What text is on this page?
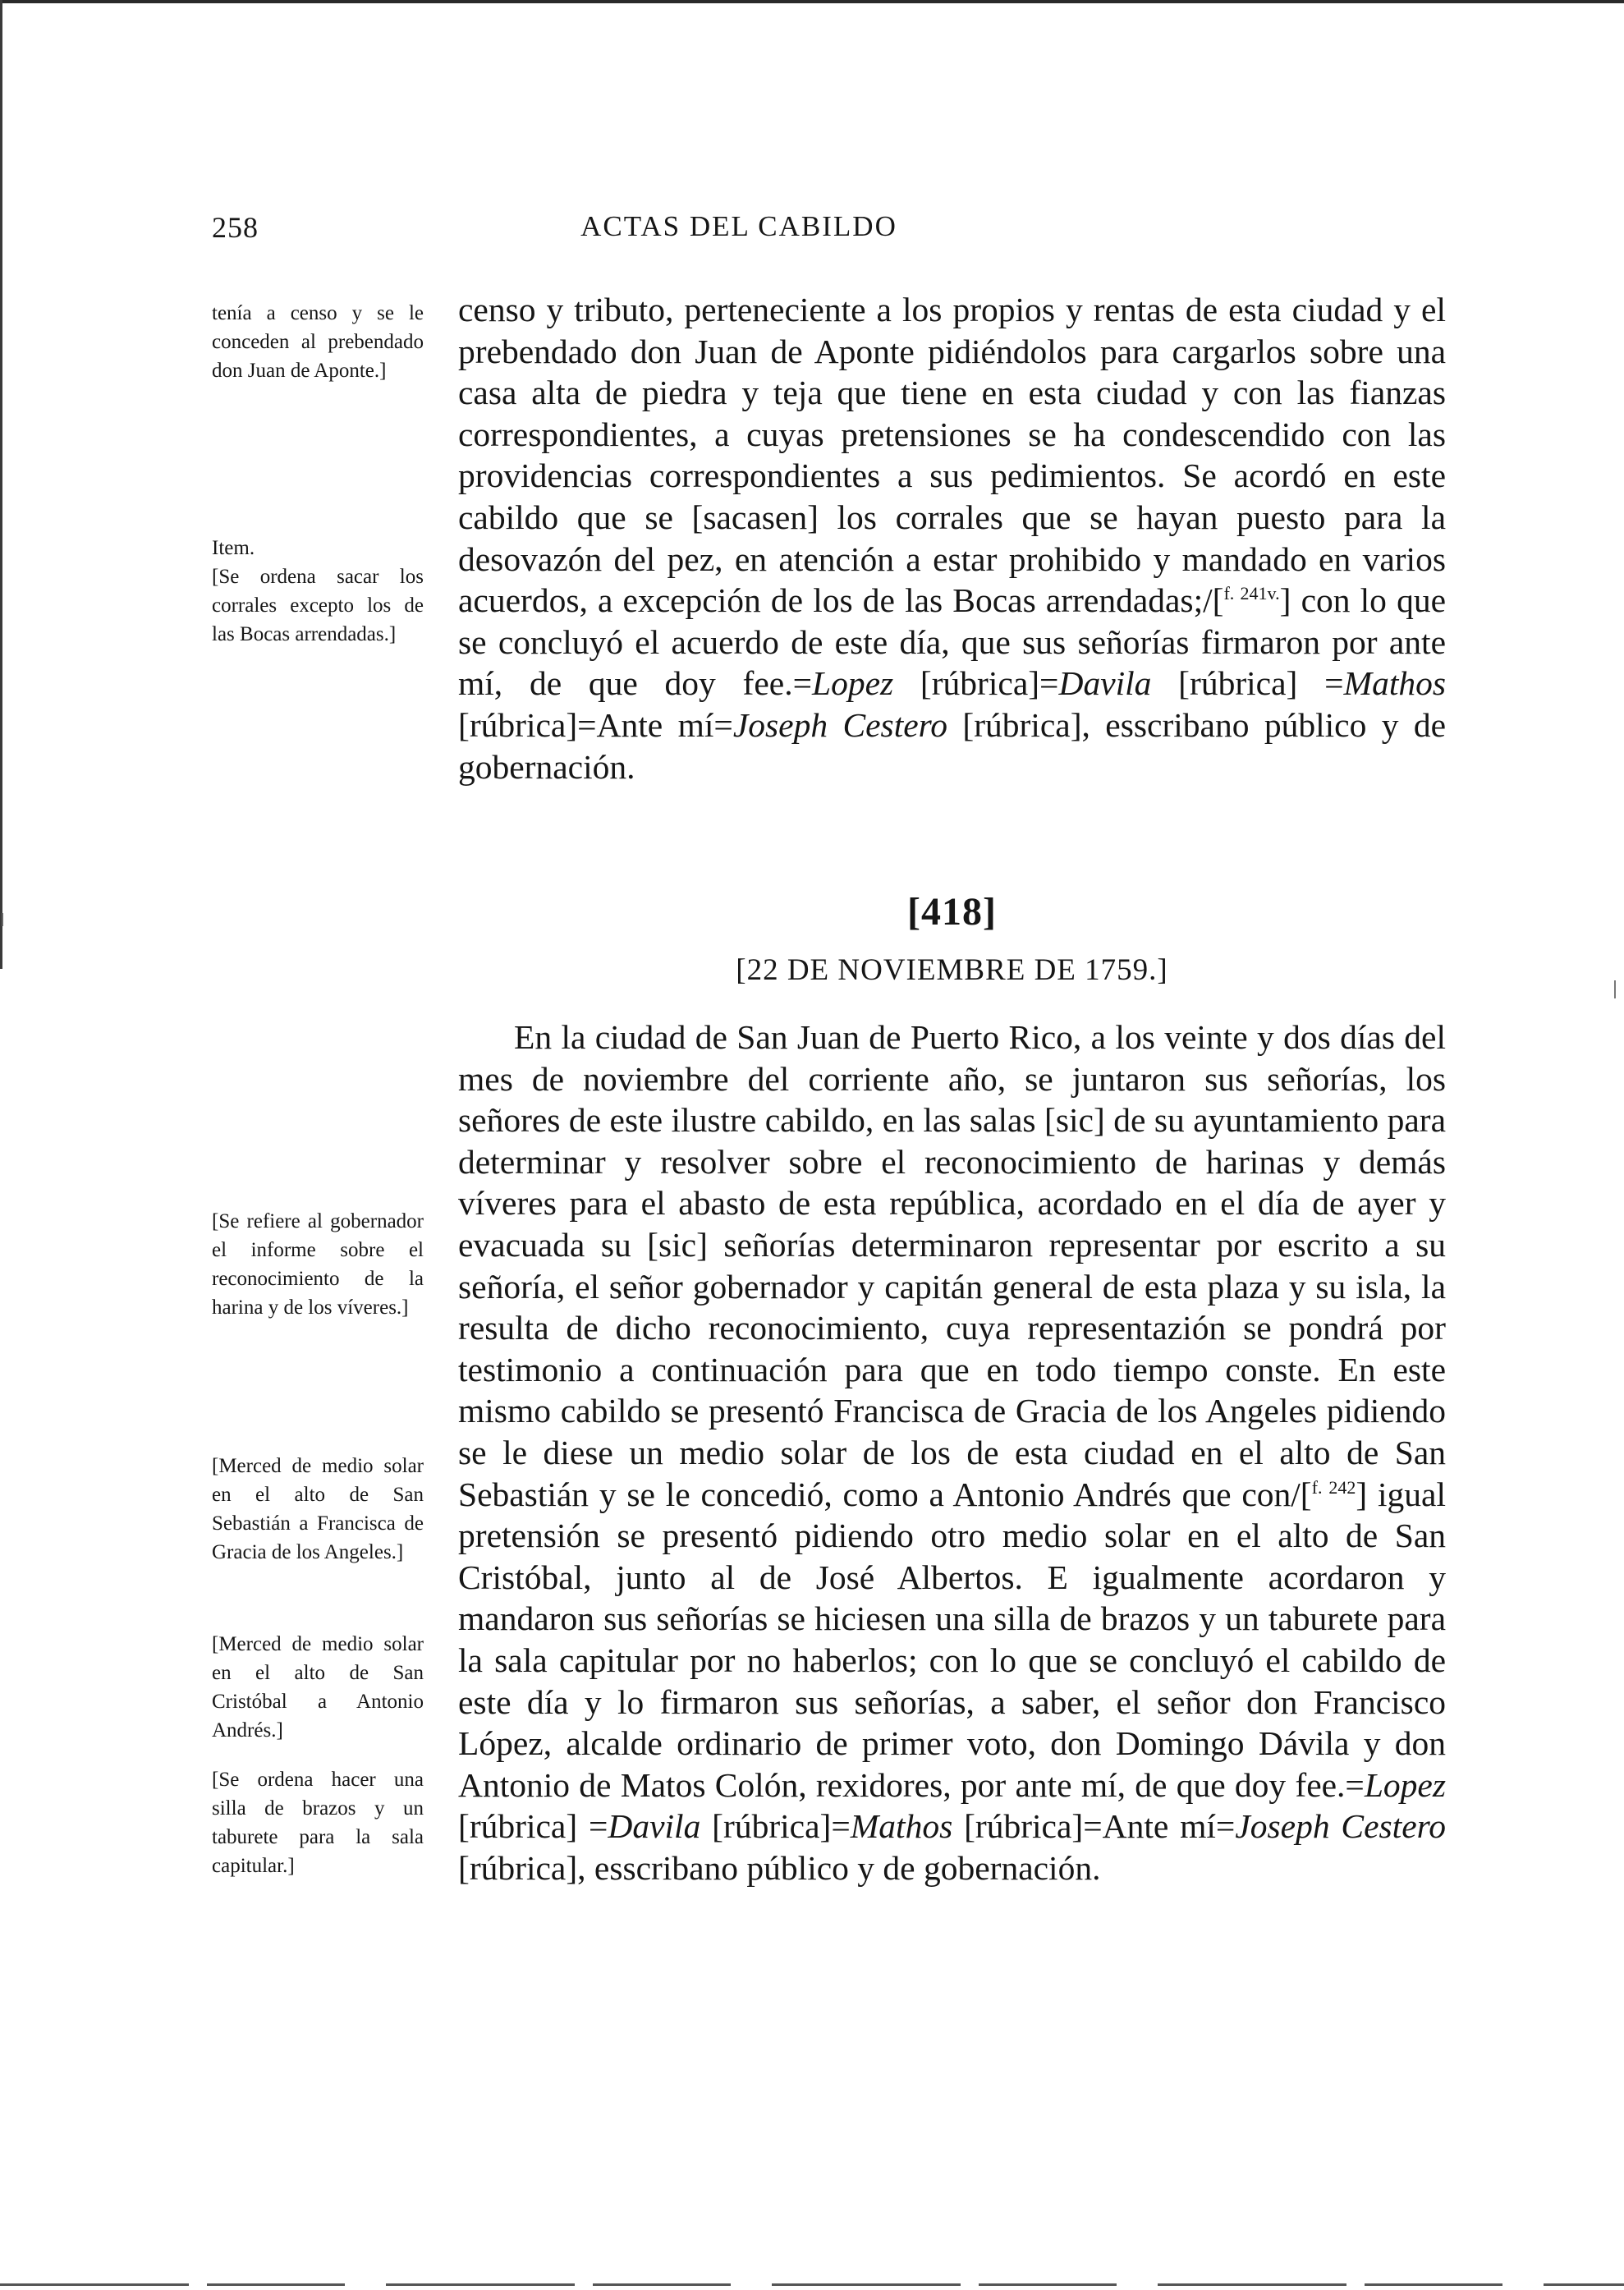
258	ACTAS DEL CABILDO
tenía a censo y se le conceden al prebendado don Juan de Aponte.]
Item.
[Se ordena sacar los corrales excepto los de las Bocas arrendadas.]
[Se refiere al gobernador el informe sobre el reconocimiento de la harina y de los víveres.]
[Merced de medio solar en el alto de San Sebastián a Francisca de Gracia de los Angeles.]
[Merced de medio solar en el alto de San Cristóbal a Antonio Andrés.]
[Se ordena hacer una silla de brazos y un taburete para la sala capitular.]

censo y tributo, perteneciente a los propios y rentas de esta ciudad y el prebendado don Juan de Aponte pidiéndolos para cargarlos sobre una casa alta de piedra y teja que tiene en esta ciudad y con las fianzas correspondientes, a cuyas pretensiones se ha condescendido con las providencias correspondientes a sus pedimientos. Se acordó en este cabildo que se [sacasen] los corrales que se hayan puesto para la desovazón del pez, en atención a estar prohibido y mandado en varios acuerdos, a excepción de los de las Bocas arrendadas;/[$^{f. 241v.}$] con lo que se concluyó el acuerdo de este día, que sus señorías firmaron por ante mí, de que doy fee.=Lopez [rúbrica]=Davila [rúbrica] =Mathos [rúbrica]=Ante mí=Joseph Cestero [rúbrica], esscribano público y de gobernación.

[418]
[22 DE NOVIEMBRE DE 1759.]

En la ciudad de San Juan de Puerto Rico, a los veinte y dos días del mes de noviembre del corriente año, se juntaron sus señorías, los señores de este ilustre cabildo, en las salas [sic] de su ayuntamiento para determinar y resolver sobre el reconocimiento de harinas y demás víveres para el abasto de esta república, acordado en el día de ayer y evacuada su [sic] señorías determinaron representar por escrito a su señoría, el señor gobernador y capitán general de esta plaza y su isla, la resulta de dicho reconocimiento, cuya representazión se pondrá por testimonio a continuación para que en todo tiempo conste. En este mismo cabildo se presentó Francisca de Gracia de los Angeles pidiendo se le diese un medio solar de los de esta ciudad en el alto de San Sebastián y se le concedió, como a Antonio Andrés que con/[$^{f. 242}$] igual pretensión se presentó pidiendo otro medio solar en el alto de San Cristóbal, junto al de José Albertos. E igualmente acordaron y mandaron sus señorías se hiciesen una silla de brazos y un taburete para la sala capitular por no haberlos; con lo que se concluyó el cabildo de este día y lo firmaron sus señorías, a saber, el señor don Francisco López, alcalde ordinario de primer voto, don Domingo Dávila y don Antonio de Matos Colón, rexidores, por ante mí, de que doy fee.=Lopez [rúbrica] =Davila [rúbrica]=Mathos [rúbrica]=Ante mí=Joseph Cestero [rúbrica], esscribano público y de gobernación.
